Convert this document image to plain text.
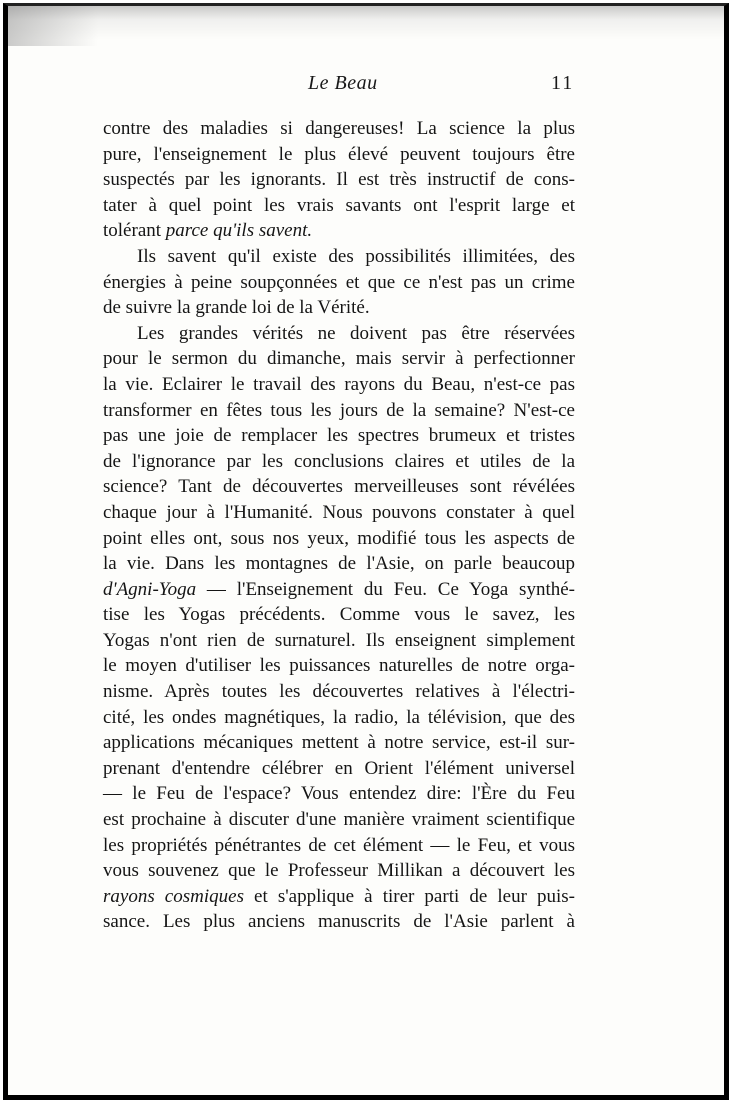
Le Beau	11
contre des maladies si dangereuses! La science la plus
pure, l'enseignement le plus élevé peuvent toujours être
suspectés par les ignorants. Il est très instructif de cons-
tater à quel point les vrais savants ont l'esprit large et
tolérant parce qu'ils savent.
Ils savent qu'il existe des possibilités illimitées, des
énergies à peine soupçonnées et que ce n'est pas un crime
de suivre la grande loi de la Vérité.
Les grandes vérités ne doivent pas être réservées
pour le sermon du dimanche, mais servir à perfectionner
la vie. Eclairer le travail des rayons du Beau, n'est-ce pas
transformer en fêtes tous les jours de la semaine? N'est-ce
pas une joie de remplacer les spectres brumeux et tristes
de l'ignorance par les conclusions claires et utiles de la
science? Tant de découvertes merveilleuses sont révélées
chaque jour à l'Humanité. Nous pouvons constater à quel
point elles ont, sous nos yeux, modifié tous les aspects de
la vie. Dans les montagnes de l'Asie, on parle beaucoup
d'Agni-Yoga — l'Enseignement du Feu. Ce Yoga synthé-
tise les Yogas précédents. Comme vous le savez, les
Yogas n'ont rien de surnaturel. Ils enseignent simplement
le moyen d'utiliser les puissances naturelles de notre orga-
nisme. Après toutes les découvertes relatives à l'électri-
cité, les ondes magnétiques, la radio, la télévision, que des
applications mécaniques mettent à notre service, est-il sur-
prenant d'entendre célébrer en Orient l'élément universel
— le Feu de l'espace? Vous entendez dire: l'Ère du Feu
est prochaine à discuter d'une manière vraiment scientifique
les propriétés pénétrantes de cet élément — le Feu, et vous
vous souvenez que le Professeur Millikan a découvert les
rayons cosmiques et s'applique à tirer parti de leur puis-
sance. Les plus anciens manuscrits de l'Asie parlent à
